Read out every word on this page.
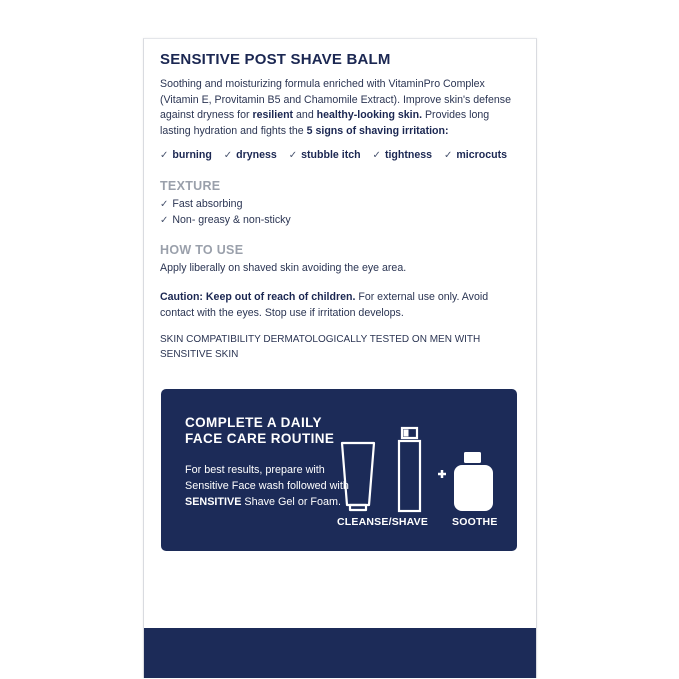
SENSITIVE POST SHAVE BALM
Soothing and moisturizing formula enriched with VitaminPro Complex (Vitamin E, Provitamin B5 and Chamomile Extract). Improve skin's defense against dryness for resilient and healthy-looking skin. Provides long lasting hydration and fights the 5 signs of shaving irritation:
✓ burning ✓ dryness ✓ stubble itch ✓ tightness ✓ microcuts
TEXTURE
✓ Fast absorbing
✓ Non- greasy & non-sticky
HOW TO USE
Apply liberally on shaved skin avoiding the eye area.
Caution: Keep out of reach of children. For external use only. Avoid contact with the eyes. Stop use if irritation develops.
SKIN COMPATIBILITY DERMATOLOGICALLY TESTED ON MEN WITH SENSITIVE SKIN
COMPLETE A DAILY FACE CARE ROUTINE
For best results, prepare with Sensitive Face wash followed with SENSITIVE Shave Gel or Foam.
CLEANSE/SHAVE SOOTHE
